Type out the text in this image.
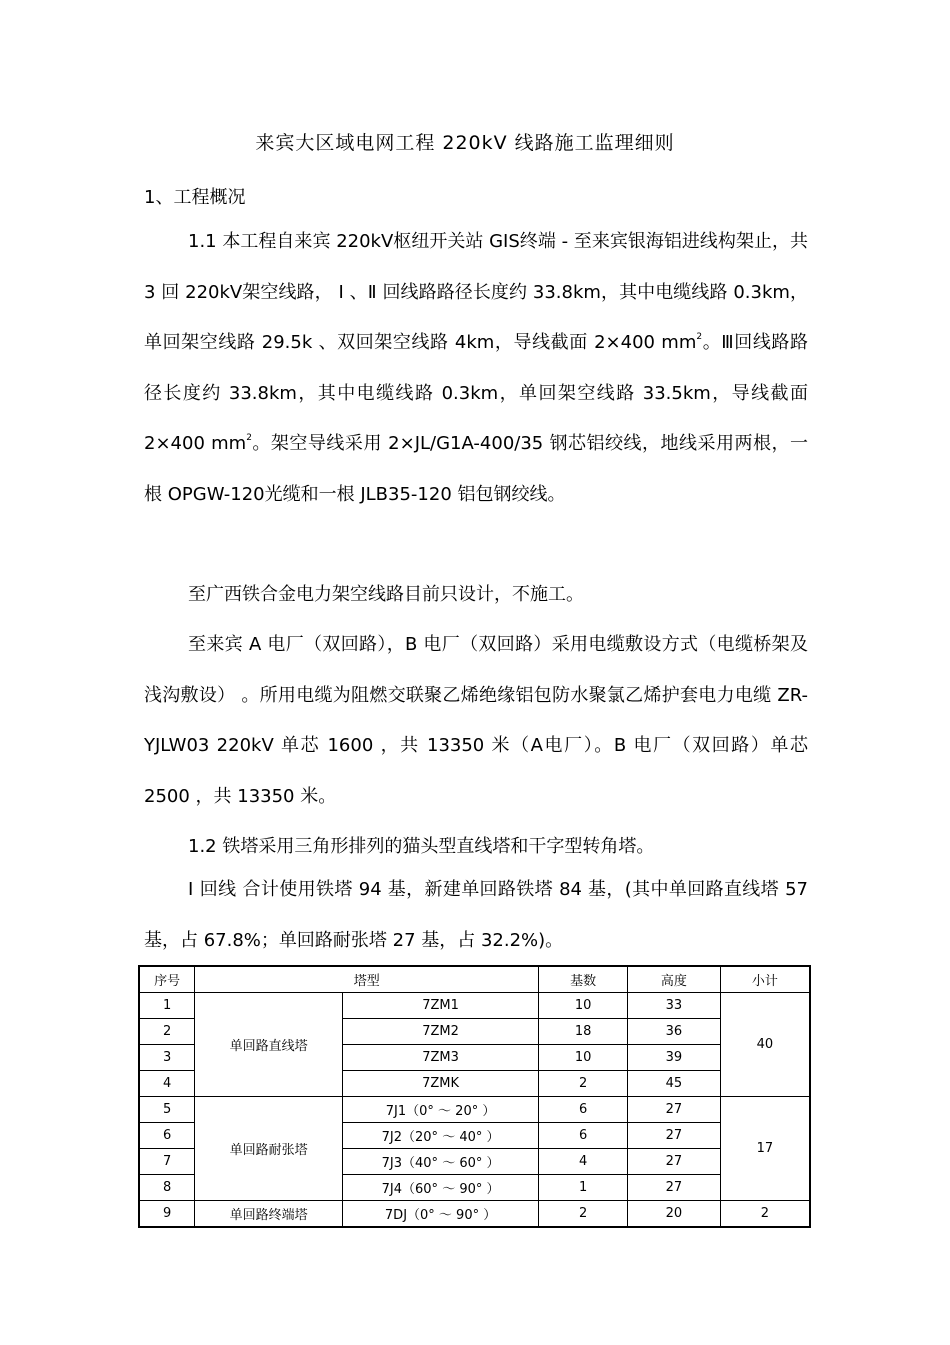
来宾大区域电网工程 220kV 线路施工监理细则

1、工程概况

1.1 本工程自来宾 220kV枢纽开关站 GIS终端 - 至来宾银海铝进线构架止，共 3 回 220kV架空线路， Ⅰ 、Ⅱ 回线路路径长度约 33.8km，其中电缆线路 0.3km，单回架空线路 29.5k 、双回架空线路 4km，导线截面 2×400 $mm^2$。Ⅲ回线路路径长度约 33.8km，其中电缆线路 0.3km，单回架空线路 33.5km，导线截面 2×400 $mm^2$。架空导线采用 2×JL/G1A-400/35 钢芯铝绞线，地线采用两根，一根 OPGW-120光缆和一根 JLB35-120 铝包钢绞线。

至广西铁合金电力架空线路目前只设计，不施工。

至来宾 A 电厂（双回路），B 电厂（双回路）采用电缆敷设方式（电缆桥架及浅沟敷设） 。所用电缆为阻燃交联聚乙烯绝缘铝包防水聚氯乙烯护套电力电缆 ZR-YJLW03 220kV 单芯 1600 ，共 13350 米（A电厂）。B 电厂（双回路）单芯 2500 ，共 13350 米。

1.2 铁塔采用三角形排列的猫头型直线塔和干字型转角塔。

Ⅰ 回线 合计使用铁塔 94 基，新建单回路铁塔 84 基，(其中单回路直线塔 57 基，占 67.8%；单回路耐张塔 27 基，占 32.2%)。

序号	塔型		基数	高度	小计
1	单回路直线塔	7ZM1	10	33	40
2		7ZM2	18	36	
3		7ZM3	10	39	
4		7ZMK	2	45	
5	单回路耐张塔	7J1（0° ～ 20° ）	6	27	17
6		7J2（20° ～ 40° ）	6	27	
7		7J3（40° ～ 60° ）	4	27	
8		7J4（60° ～ 90° ）	1	27	
9	单回路终端塔	7DJ（0° ～ 90° ）	2	20	2
